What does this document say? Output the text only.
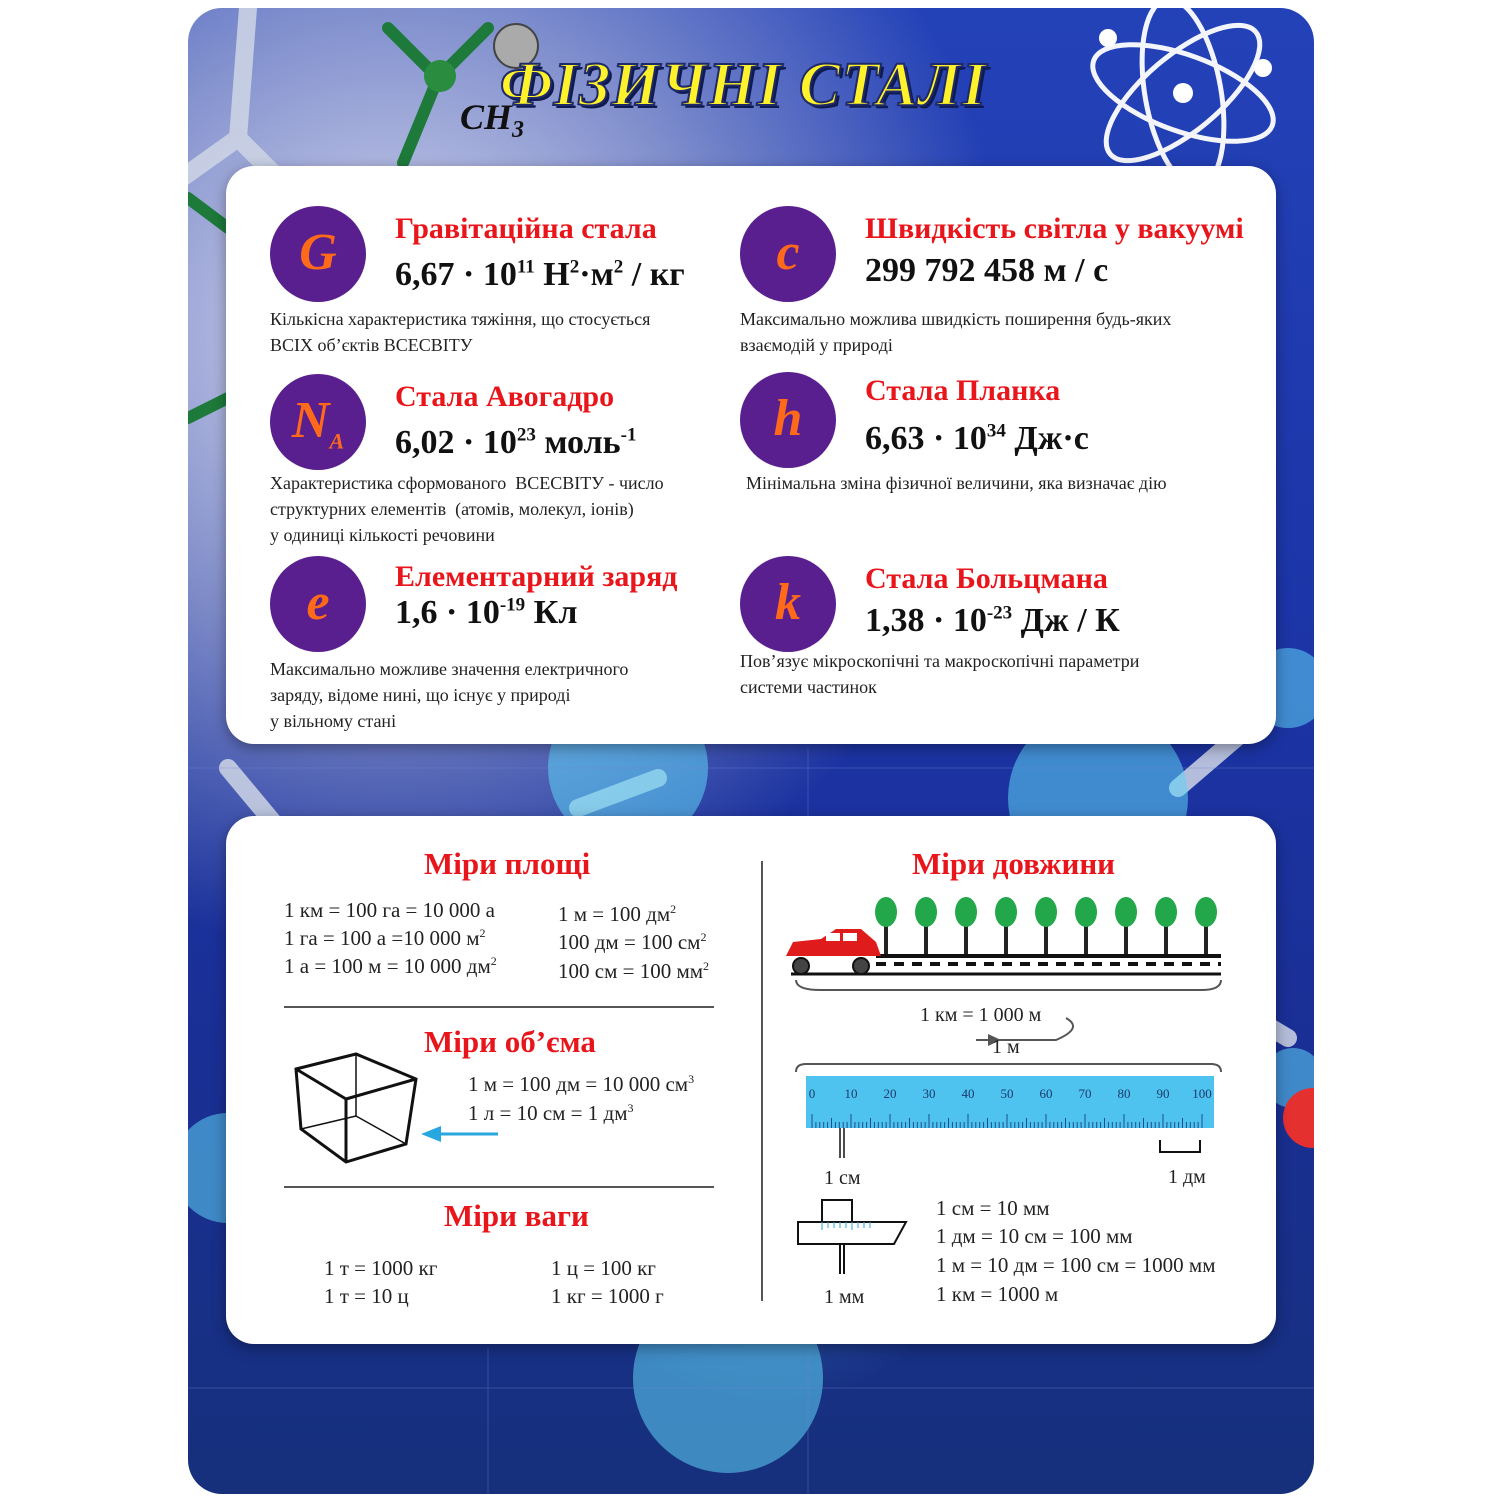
$CH_3$
ФІЗИЧНІ СТАЛІ
G	Гравітаційна стала
$6,67 \cdot 10^{11}$ $Н^2\cdot м^2$ / кг
Кількісна характеристика тяжіння, що стосується
ВСІХ об’єктів ВСЕСВІТУ
c	Швидкість світла у вакуумі
299 792 458 м / с
Максимально можлива швидкість поширення будь-яких
взаємодій у природі
$N_A$
Стала Авогадро
$6,02 \cdot 10^{23}$ моль$^{-1}$
Характеристика сформованого  ВСЕСВІТУ - число
структурних елементів  (атомів, молекул, іонів)
у одиниці кількості речовини
h	Стала Планка
$6,63 \cdot 10^{34}$ Дж·с
Мінімальна зміна фізичної величини, яка визначає дію
e	Елементарний заряд
$1,6 \cdot 10^{-19}$ Кл
Максимально можливе значення електричного
заряду, відоме нині, що існує у природі
у вільному стані
k	Стала Больцмана
$1,38 \cdot 10^{-23}$ Дж / К
Пов’язує мікроскопічні та макроскопічні параметри
системи частинок
Міри площі
1 км = 100 га = 10 000 а
1 га = 100 а =10 000 $м^2$
1 а = 100 м = 10 000 $дм^2$
1 м = 100 $дм^2$
100 дм = 100 $см^2$
100 см = 100 $мм^2$
Міри об’єма
1 м = 100 дм = 10 000 $см^3$
1 л = 10 см = 1 $дм^3$
Міри ваги
1 т = 1000 кг
1 т = 10 ц
1 ц = 100 кг
1 кг = 1000 г
Міри довжини
1 км = 1 000 м
1 м
0 10 20 30 40 50 60 70 80 90 100
1 см	1 дм
1 мм
1 см = 10 мм
1 дм = 10 см = 100 мм
1 м = 10 дм = 100 см = 1000 мм
1 км = 1000 м
